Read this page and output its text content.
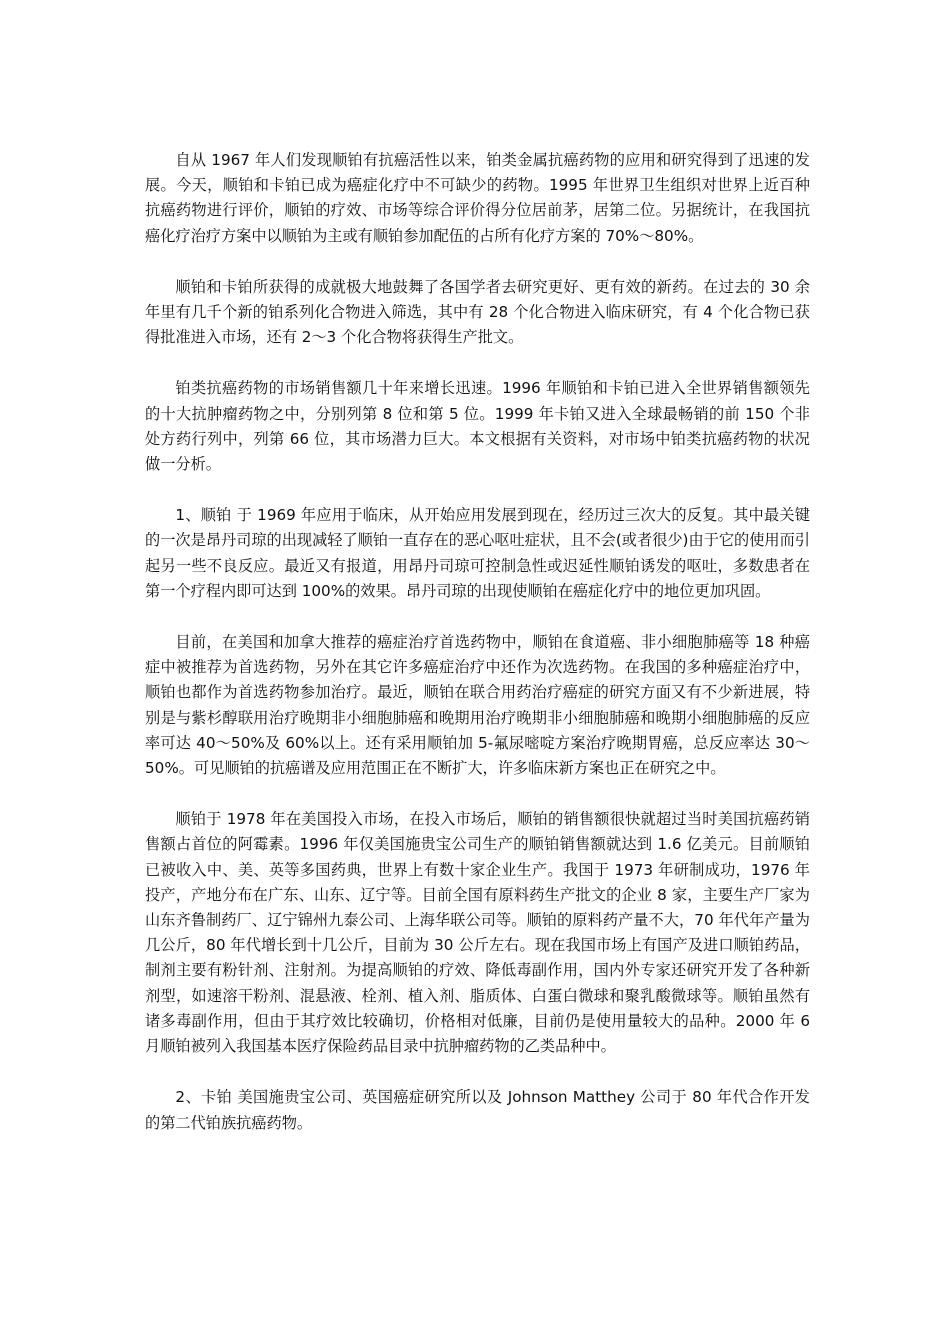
自从 1967 年人们发现顺铂有抗癌活性以来，铂类金属抗癌药物的应用和研究得到了迅速的发展。今天，顺铂和卡铂已成为癌症化疗中不可缺少的药物。1995 年世界卫生组织对世界上近百种抗癌药物进行评价，顺铂的疗效、市场等综合评价得分位居前茅，居第二位。另据统计，在我国抗癌化疗治疗方案中以顺铂为主或有顺铂参加配伍的占所有化疗方案的 70%～80%。

顺铂和卡铂所获得的成就极大地鼓舞了各国学者去研究更好、更有效的新药。在过去的 30 余年里有几千个新的铂系列化合物进入筛选，其中有 28 个化合物进入临床研究，有 4 个化合物已获得批准进入市场，还有 2～3 个化合物将获得生产批文。

铂类抗癌药物的市场销售额几十年来增长迅速。1996 年顺铂和卡铂已进入全世界销售额领先的十大抗肿瘤药物之中，分别列第 8 位和第 5 位。1999 年卡铂又进入全球最畅销的前 150 个非处方药行列中，列第 66 位，其市场潜力巨大。本文根据有关资料，对市场中铂类抗癌药物的状况做一分析。

1、顺铂 于 1969 年应用于临床，从开始应用发展到现在，经历过三次大的反复。其中最关键的一次是昂丹司琼的出现减轻了顺铂一直存在的恶心呕吐症状，且不会(或者很少)由于它的使用而引起另一些不良反应。最近又有报道，用昂丹司琼可控制急性或迟延性顺铂诱发的呕吐，多数患者在第一个疗程内即可达到 100%的效果。昂丹司琼的出现使顺铂在癌症化疗中的地位更加巩固。

目前，在美国和加拿大推荐的癌症治疗首选药物中，顺铂在食道癌、非小细胞肺癌等 18 种癌症中被推荐为首选药物，另外在其它许多癌症治疗中还作为次选药物。在我国的多种癌症治疗中，顺铂也都作为首选药物参加治疗。最近，顺铂在联合用药治疗癌症的研究方面又有不少新进展，特别是与紫杉醇联用治疗晚期非小细胞肺癌和晚期用治疗晚期非小细胞肺癌和晚期小细胞肺癌的反应率可达 40～50%及 60%以上。还有采用顺铂加 5-氟尿嘧啶方案治疗晚期胃癌，总反应率达 30～50%。可见顺铂的抗癌谱及应用范围正在不断扩大，许多临床新方案也正在研究之中。

顺铂于 1978 年在美国投入市场，在投入市场后，顺铂的销售额很快就超过当时美国抗癌药销售额占首位的阿霉素。1996 年仅美国施贵宝公司生产的顺铂销售额就达到 1.6 亿美元。目前顺铂已被收入中、美、英等多国药典，世界上有数十家企业生产。我国于 1973 年研制成功，1976 年投产，产地分布在广东、山东、辽宁等。目前全国有原料药生产批文的企业 8 家，主要生产厂家为山东齐鲁制药厂、辽宁锦州九泰公司、上海华联公司等。顺铂的原料药产量不大，70 年代年产量为几公斤，80 年代增长到十几公斤，目前为 30 公斤左右。现在我国市场上有国产及进口顺铂药品，制剂主要有粉针剂、注射剂。为提高顺铂的疗效、降低毒副作用，国内外专家还研究开发了各种新剂型，如速溶干粉剂、混悬液、栓剂、植入剂、脂质体、白蛋白微球和聚乳酸微球等。顺铂虽然有诸多毒副作用，但由于其疗效比较确切，价格相对低廉，目前仍是使用量较大的品种。2000 年 6 月顺铂被列入我国基本医疗保险药品目录中抗肿瘤药物的乙类品种中。

2、卡铂 美国施贵宝公司、英国癌症研究所以及 Johnson Matthey 公司于 80 年代合作开发的第二代铂族抗癌药物。
